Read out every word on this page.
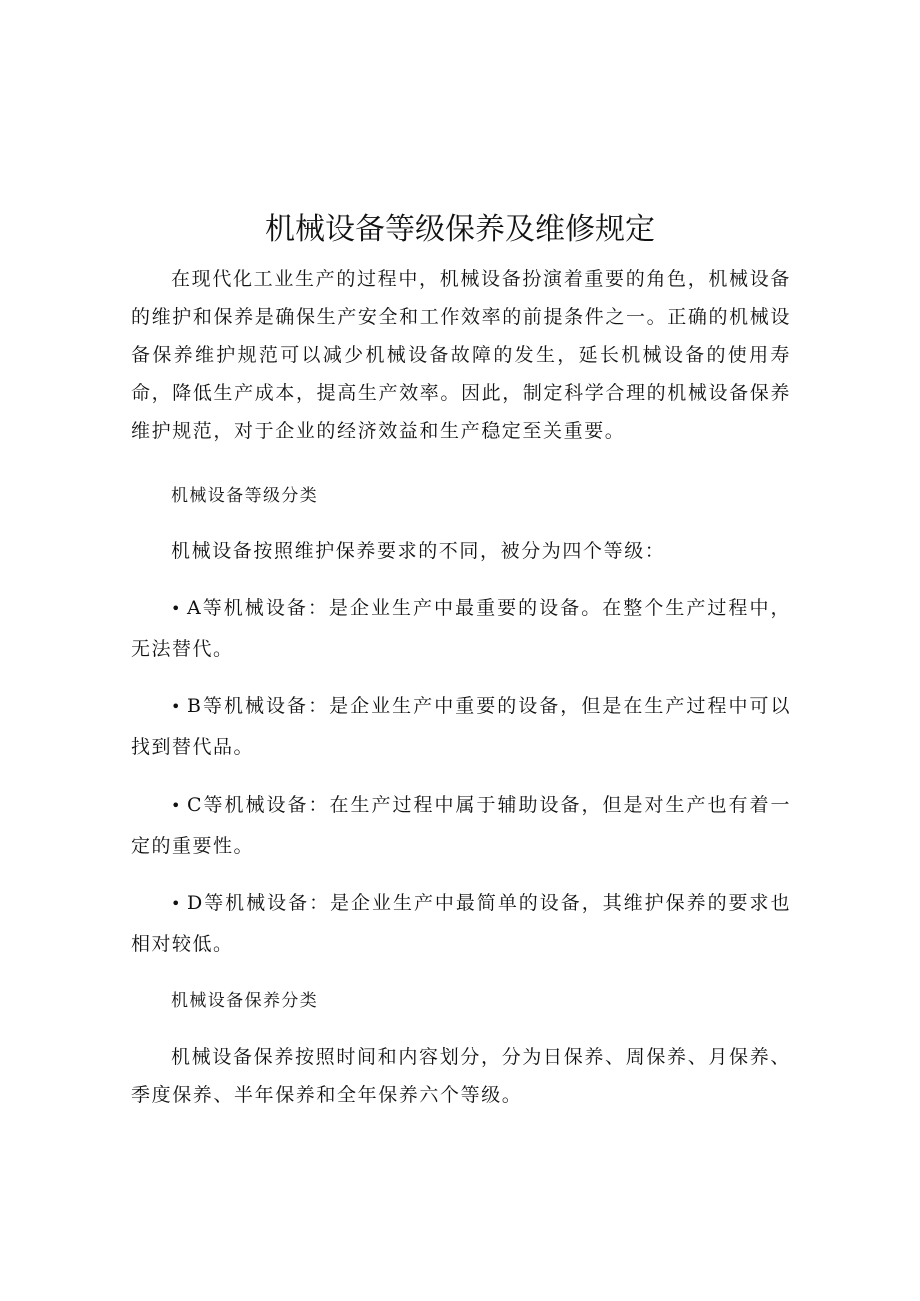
机械设备等级保养及维修规定

在现代化工业生产的过程中，机械设备扮演着重要的角色，机械设备的维护和保养是确保生产安全和工作效率的前提条件之一。正确的机械设备保养维护规范可以减少机械设备故障的发生，延长机械设备的使用寿命，降低生产成本，提高生产效率。因此，制定科学合理的机械设备保养维护规范，对于企业的经济效益和生产稳定至关重要。

机械设备等级分类

机械设备按照维护保养要求的不同，被分为四个等级：

• A等机械设备：是企业生产中最重要的设备。在整个生产过程中，无法替代。

• B等机械设备：是企业生产中重要的设备，但是在生产过程中可以找到替代品。

• C等机械设备：在生产过程中属于辅助设备，但是对生产也有着一定的重要性。

• D等机械设备：是企业生产中最简单的设备，其维护保养的要求也相对较低。

机械设备保养分类

机械设备保养按照时间和内容划分，分为日保养、周保养、月保养、季度保养、半年保养和全年保养六个等级。
